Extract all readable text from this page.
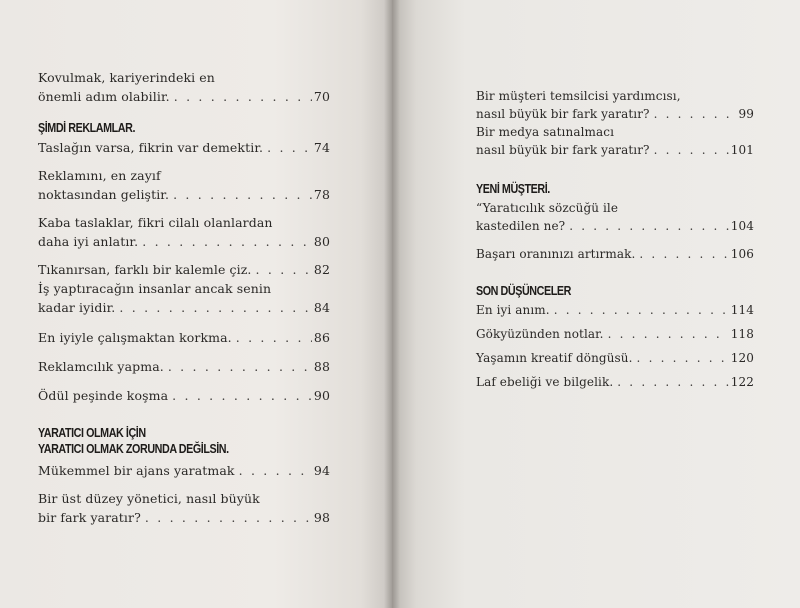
Kovulmak, kariyerindeki en
önemli adım olabilir. . . .	70
ŞİMDİ REKLAMLAR.
Taslağın varsa, fikrin var demektir. . . .	74
Reklamını, en zayıf
noktasından geliştir. . . .	78
Kaba taslaklar, fikri cilalı olanlardan
daha iyi anlatır. . . .	80
Tıkanırsan, farklı bir kalemle çiz. . . .	82
İş yaptıracağın insanlar ancak senin
kadar iyidir. . . .	84
En iyiyle çalışmaktan korkma. . . .	86
Reklamcılık yapma. . . .	88
Ödül peşinde koşma . . .	90
YARATICI OLMAK İÇİN
YARATICI OLMAK ZORUNDA DEĞİLSİN.
Mükemmel bir ajans yaratmak . . .	94
Bir üst düzey yönetici, nasıl büyük
bir fark yaratır? . . .	98
Bir müşteri temsilcisi yardımcısı,
nasıl büyük bir fark yaratır? . . .	99
Bir medya satınalmacı
nasıl büyük bir fark yaratır? . . .	101
YENİ MÜŞTERİ.
“Yaratıcılık sözcüğü ile
kastedilen ne? . . .	104
Başarı oranınızı artırmak. . . .	106
SON DÜŞÜNCELER
En iyi anım. . . .	114
Gökyüzünden notlar. . . .	118
Yaşamın kreatif döngüsü. . . .	120
Laf ebeliği ve bilgelik. . . .	122
